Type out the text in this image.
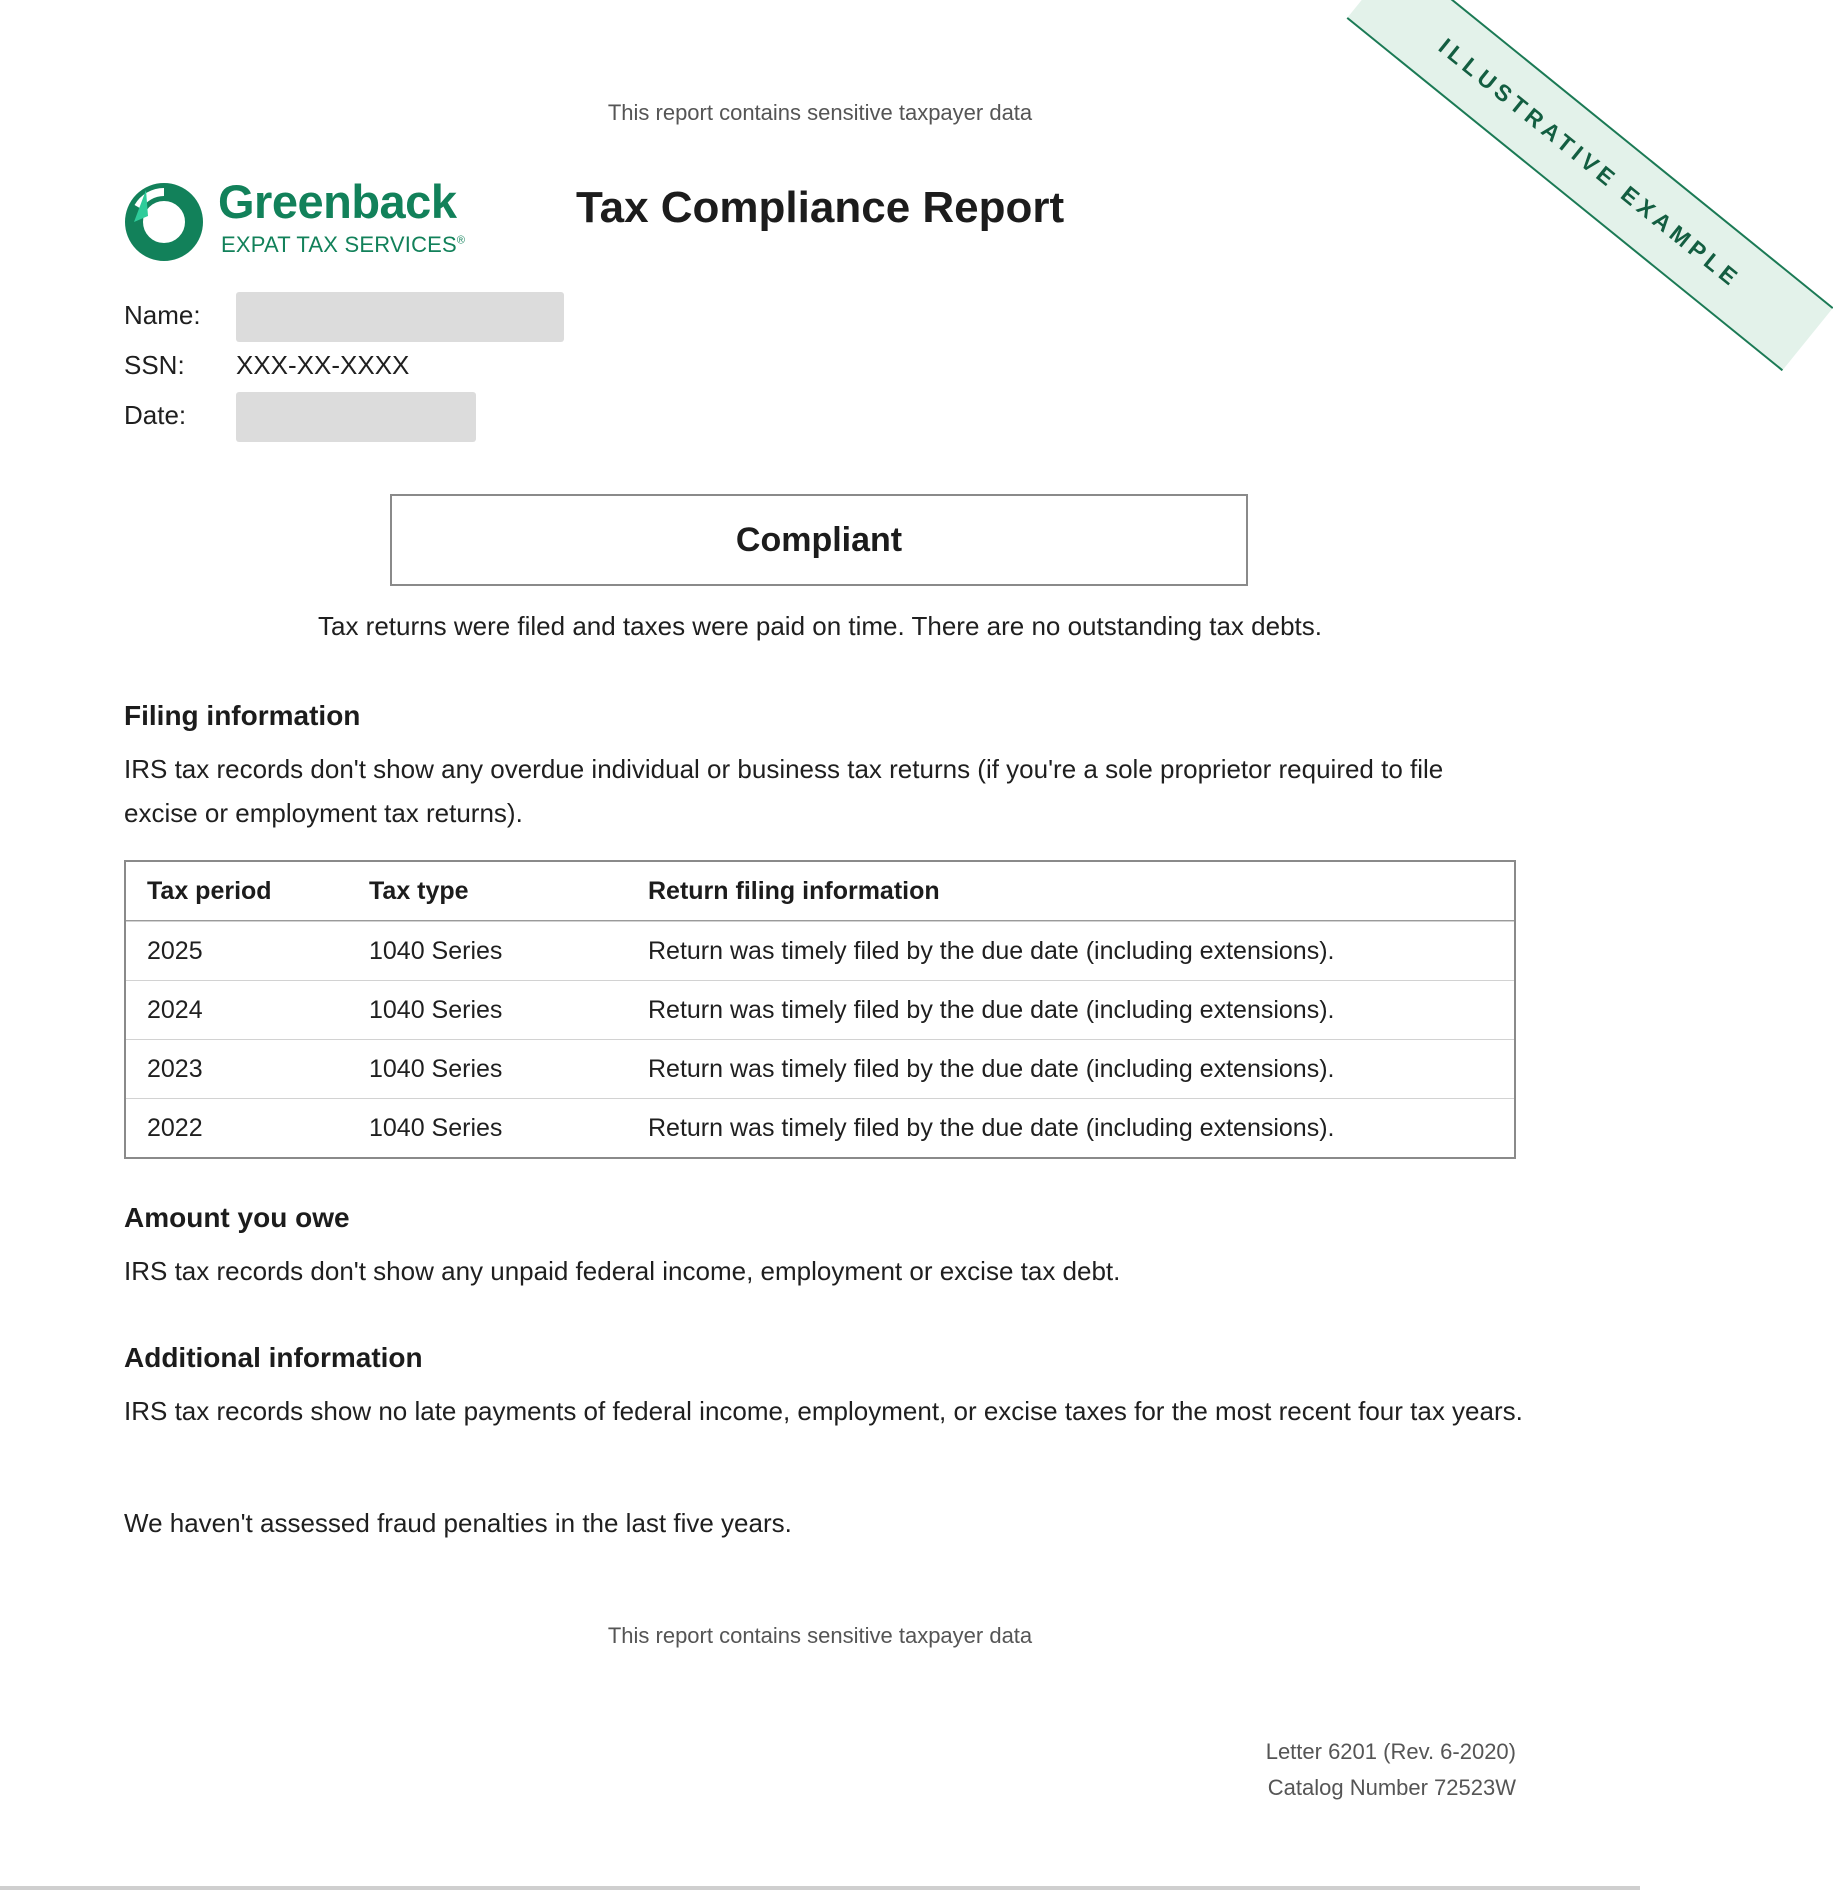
This report contains sensitive taxpayer data	ILLUSTRATIVE EXAMPLE
Greenback
EXPAT TAX SERVICES®
Tax Compliance Report
Name:
SSN: XXX-XX-XXXX
Date:
Compliant
Tax returns were filed and taxes were paid on time. There are no outstanding tax debts.
Filing information
IRS tax records don't show any overdue individual or business tax returns (if you're a sole proprietor required to file excise or employment tax returns).
Tax period	Tax type	Return filing information
2025	1040 Series	Return was timely filed by the due date (including extensions).
2024	1040 Series	Return was timely filed by the due date (including extensions).
2023	1040 Series	Return was timely filed by the due date (including extensions).
2022	1040 Series	Return was timely filed by the due date (including extensions).
Amount you owe
IRS tax records don't show any unpaid federal income, employment or excise tax debt.
Additional information
IRS tax records show no late payments of federal income, employment, or excise taxes for the most recent four tax years.
We haven't assessed fraud penalties in the last five years.
This report contains sensitive taxpayer data
Letter 6201 (Rev. 6-2020)
Catalog Number 72523W
